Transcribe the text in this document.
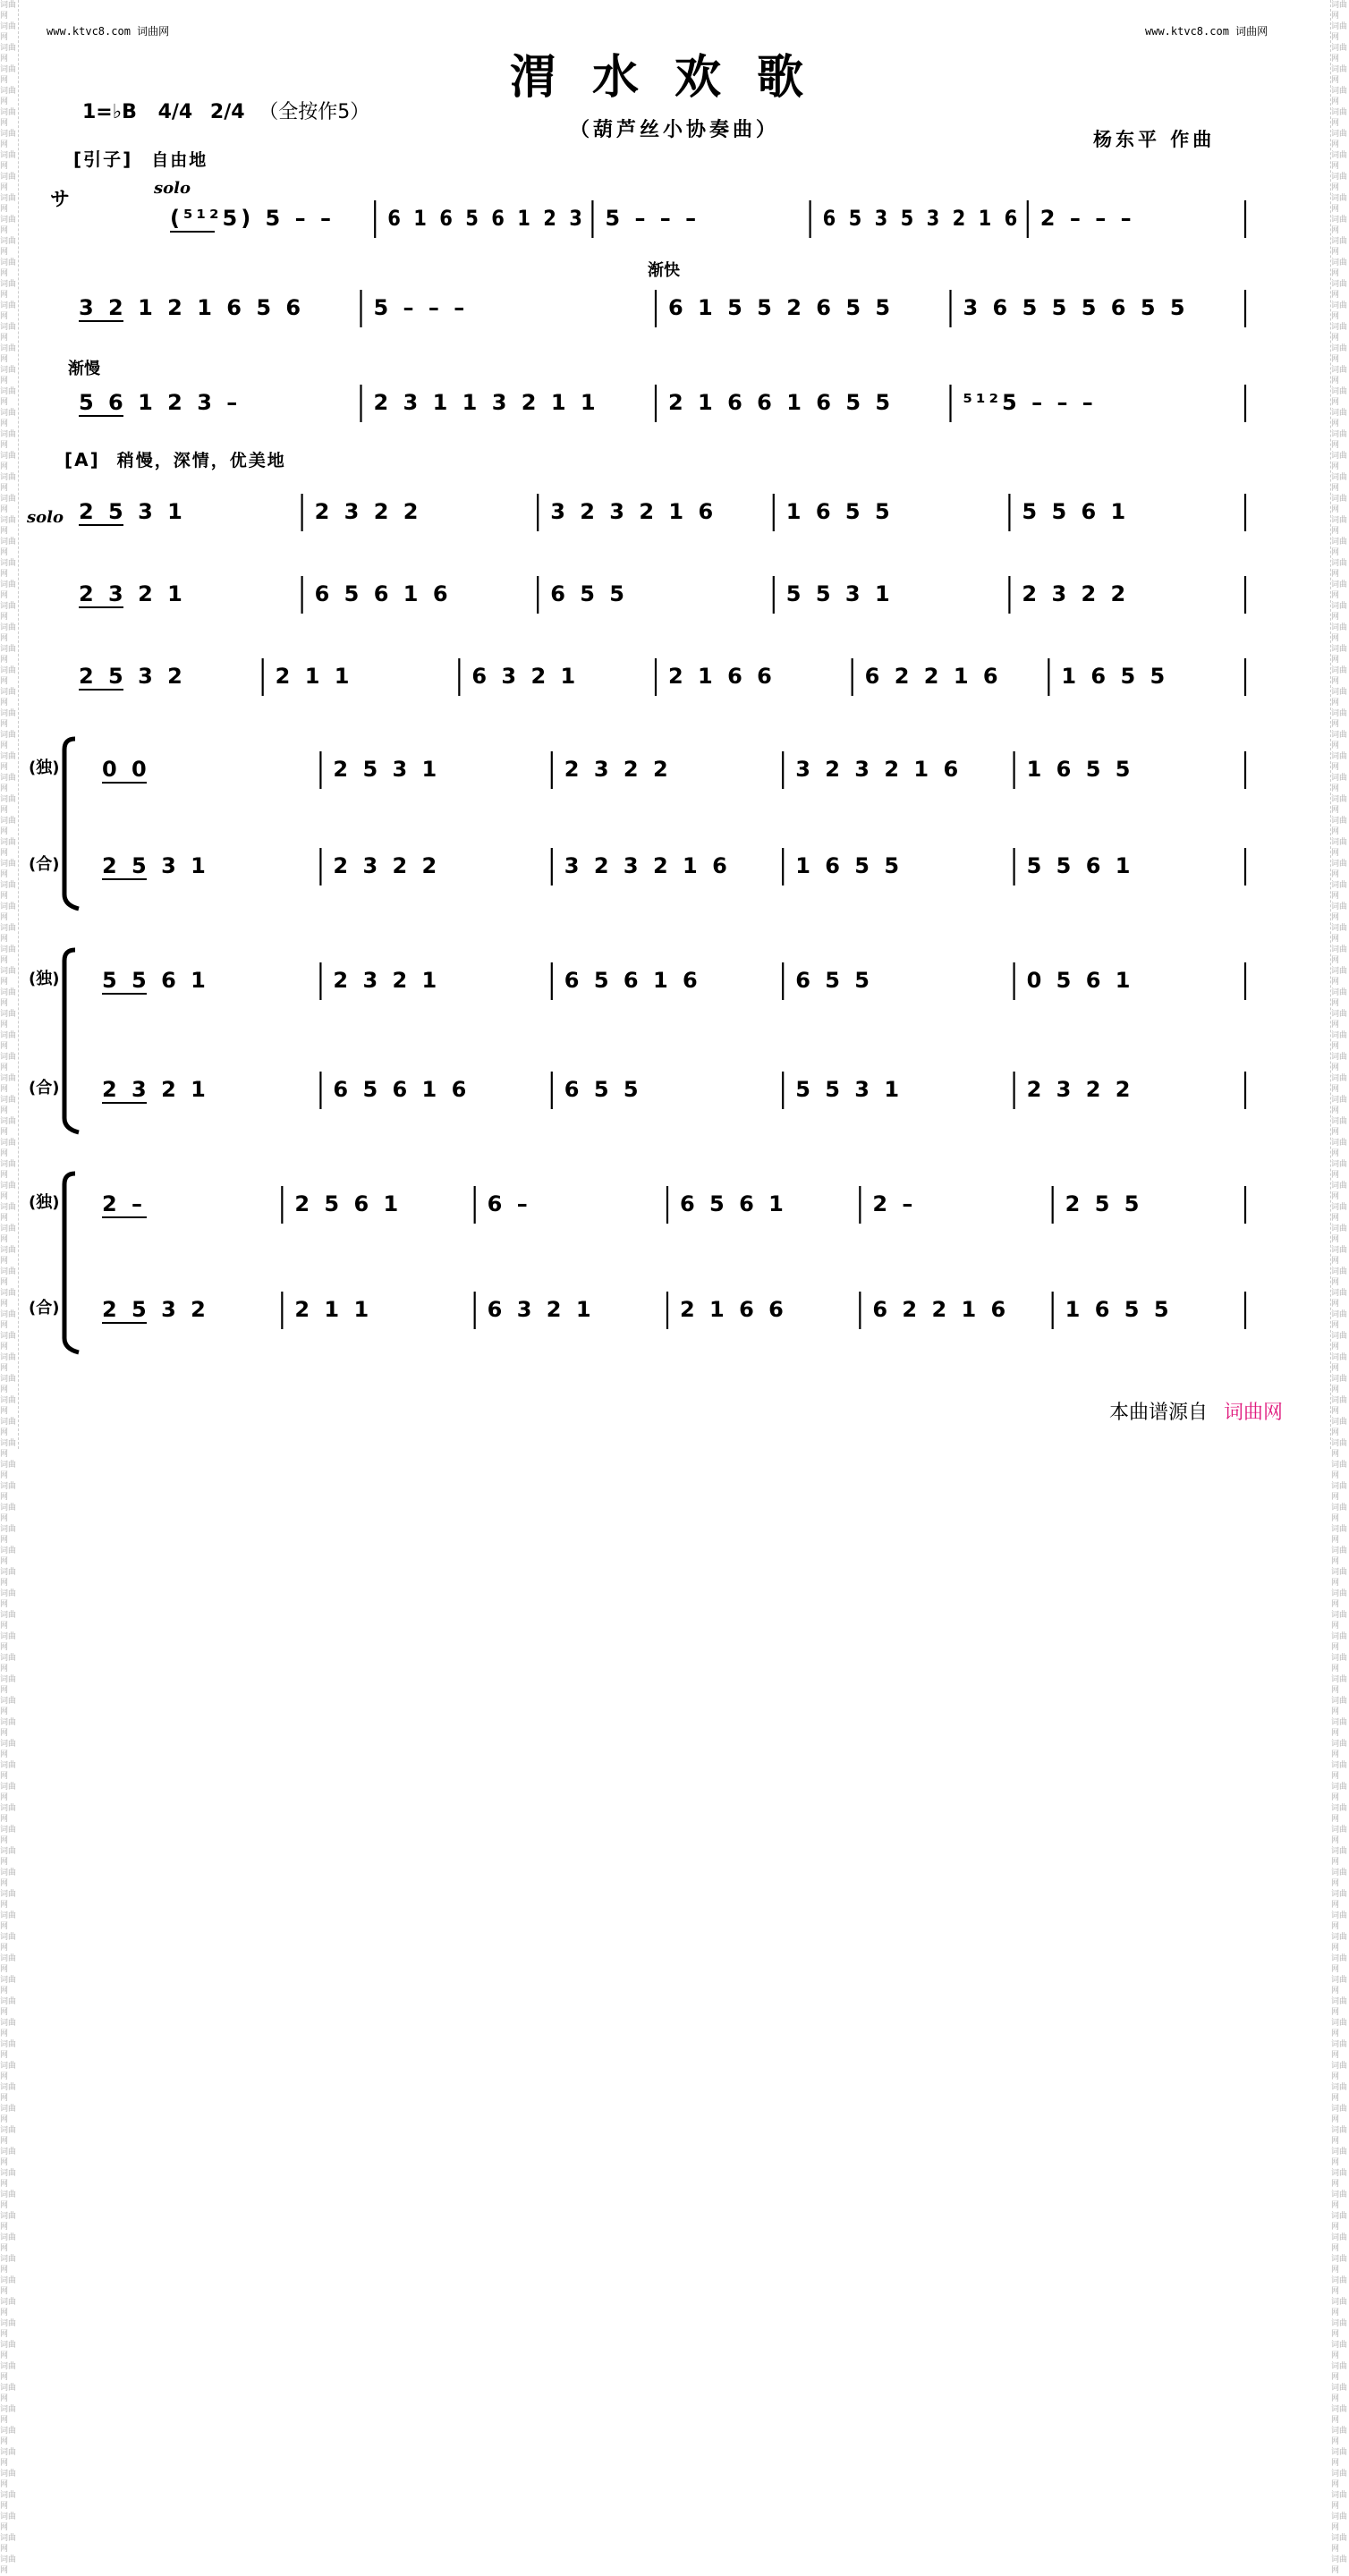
词曲网 词曲网 词曲网 词曲网 词曲网 词曲网 词曲网 词曲网 词曲网 词曲网 词曲网 词曲网 词曲网 词曲网 词曲网 词曲网 词曲网 词曲网 词曲网 词曲网 词曲网 词曲网 词曲网 词曲网 词曲网 词曲网 词曲网 词曲网 词曲网 词曲网 词曲网 词曲网 词曲网 词曲网 词曲网 词曲网 词曲网 词曲网 词曲网 词曲网 词曲网 词曲网 词曲网 词曲网 词曲网 词曲网 词曲网 词曲网 词曲网 词曲网 词曲网 词曲网 词曲网 词曲网 词曲网 词曲网 词曲网 词曲网 词曲网 词曲网 词曲网 词曲网 词曲网 词曲网 词曲网 词曲网 词曲网 词曲网 词曲网 词曲网 词曲网 词曲网 词曲网 词曲网 词曲网 词曲网 词曲网 词曲网 词曲网 词曲网 词曲网 词曲网 词曲网 词曲网 词曲网 词曲网 词曲网 词曲网 词曲网 词曲网 词曲网 词曲网 词曲网 词曲网 词曲网 词曲网 词曲网 词曲网 词曲网 词曲网 词曲网 词曲网 词曲网 词曲网 词曲网 词曲网 词曲网 词曲网 词曲网 词曲网 词曲网 词曲网 词曲网 词曲网 词曲网 词曲网 词曲网 词曲网 词曲网 词曲网
词曲网 词曲网 词曲网 词曲网 词曲网 词曲网 词曲网 词曲网 词曲网 词曲网 词曲网 词曲网 词曲网 词曲网 词曲网 词曲网 词曲网 词曲网 词曲网 词曲网 词曲网 词曲网 词曲网 词曲网 词曲网 词曲网 词曲网 词曲网 词曲网 词曲网 词曲网 词曲网 词曲网 词曲网 词曲网 词曲网 词曲网 词曲网 词曲网 词曲网 词曲网 词曲网 词曲网 词曲网 词曲网 词曲网 词曲网 词曲网 词曲网 词曲网 词曲网 词曲网 词曲网 词曲网 词曲网 词曲网 词曲网 词曲网 词曲网 词曲网 词曲网 词曲网 词曲网 词曲网 词曲网 词曲网 词曲网 词曲网 词曲网 词曲网 词曲网 词曲网 词曲网 词曲网 词曲网 词曲网 词曲网 词曲网 词曲网 词曲网 词曲网 词曲网 词曲网 词曲网 词曲网 词曲网 词曲网 词曲网 词曲网 词曲网 词曲网 词曲网 词曲网 词曲网 词曲网 词曲网 词曲网 词曲网 词曲网 词曲网 词曲网 词曲网 词曲网 词曲网 词曲网 词曲网 词曲网 词曲网 词曲网 词曲网 词曲网 词曲网 词曲网 词曲网 词曲网 词曲网 词曲网 词曲网 词曲网 词曲网
www.ktvc8.com 词曲网	www.ktvc8.com 词曲网
渭水欢歌
（葫芦丝小协奏曲）	杨东平 作曲
1=♭B 4/4 2/4 （全按作5）
[引子] 自由地
[A] 稍慢，深情，优美地
渐快
渐慢
solo
solo
サ
(独)
(合)
(独)
(合)
(独)
(合)
(⁵¹²5) 5 – – 6 1 6 5 6 1 2 3 5 – – –	6 5 3 5 3 2 1 6 2 – – –
3 2 1 2 1 6 5 6	5 – – –	6 1 5 5 2 6 5 5	3 6 5 5 5 6 5 5
5 6 1 2 3 –	2 3 1 1 3 2 1 1	2 1 6 6 1 6 5 5	⁵¹²5 – – –
2 5 3 1	2 3 2 2	3 2 3 2 1 6	1 6 5 5	5 5 6 1
2 3 2 1	6 5 6 1 6	6 5 5	5 5 3 1	2 3 2 2
2 5 3 2	2 1 1	6 3 2 1	2 1 6 6	6 2 2 1 6	1 6 5 5
0 0	2 5 3 1	2 3 2 2	3 2 3 2 1 6	1 6 5 5
2 5 3 1	2 3 2 2	3 2 3 2 1 6	1 6 5 5	5 5 6 1
5 5 6 1	2 3 2 1	6 5 6 1 6	6 5 5	0 5 6 1
2 3 2 1	6 5 6 1 6	6 5 5	5 5 3 1	2 3 2 2
2 –	2 5 6 1	6 –	6 5 6 1	2 –	2 5 5
2 5 3 2	2 1 1	6 3 2 1	2 1 6 6	6 2 2 1 6	1 6 5 5
本曲谱源自 词曲网
